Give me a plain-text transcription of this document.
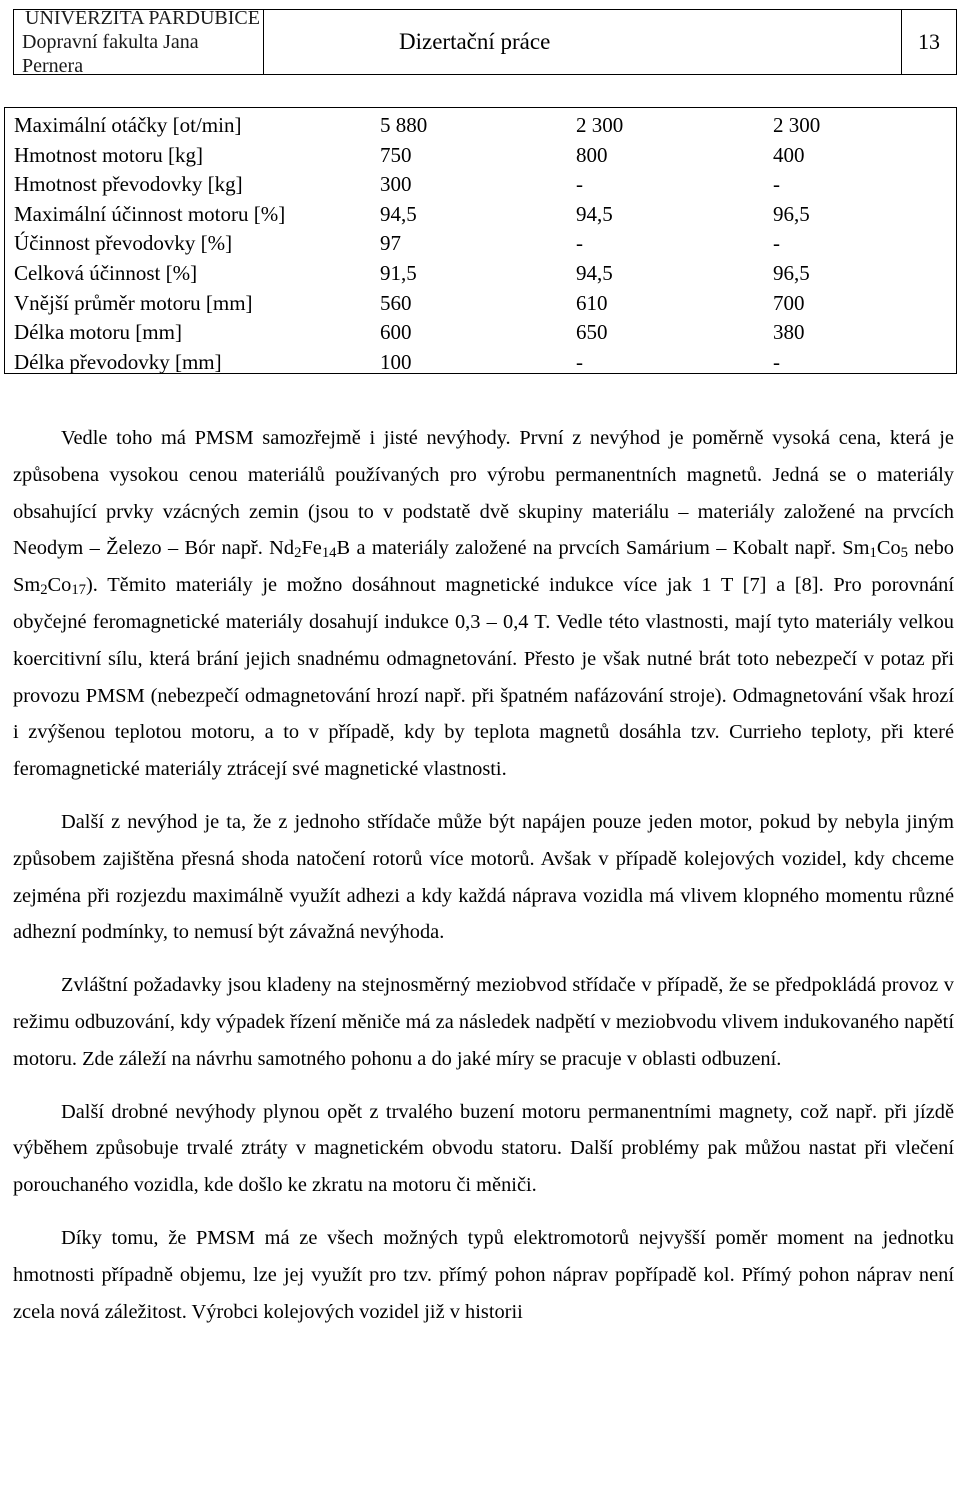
UNIVERZITA PARDUBICE
Dopravní fakulta Jana Pernera
Dizertační práce	13
Maximální otáčky [ot/min]	5 880	2 300	2 300
Hmotnost motoru [kg]	750	800	400
Hmotnost převodovky [kg]	300	-	-
Maximální účinnost motoru [%]	94,5	94,5	96,5
Účinnost převodovky [%]	97	-	-
Celková účinnost [%]	91,5	94,5	96,5
Vnější průměr motoru [mm]	560	610	700
Délka motoru [mm]	600	650	380
Délka převodovky [mm]	100	-	-

Vedle toho má PMSM samozřejmě i jisté nevýhody. První z nevýhod je poměrně vysoká cena, která je způsobena vysokou cenou materiálů používaných pro výrobu permanentních magnetů. Jedná se o materiály obsahující prvky vzácných zemin (jsou to v podstatě dvě skupiny materiálu – materiály založené na prvcích Neodym – Železo – Bór např. $Nd_2Fe_{14}B$ a materiály založené na prvcích Samárium – Kobalt např. $Sm_1Co_5$ nebo $Sm_2Co_{17}$). Těmito materiály je možno dosáhnout magnetické indukce více jak 1 T [7] a [8]. Pro porovnání obyčejné feromagnetické materiály dosahují indukce 0,3 – 0,4 T. Vedle této vlastnosti, mají tyto materiály velkou koercitivní sílu, která brání jejich snadnému odmagnetování. Přesto je však nutné brát toto nebezpečí v potaz při provozu PMSM (nebezpečí odmagnetování hrozí např. při špatném nafázování stroje). Odmagnetování však hrozí i zvýšenou teplotou motoru, a to v případě, kdy by teplota magnetů dosáhla tzv. Currieho teploty, při které feromagnetické materiály ztrácejí své magnetické vlastnosti.

Další z nevýhod je ta, že z jednoho střídače může být napájen pouze jeden motor, pokud by nebyla jiným způsobem zajištěna přesná shoda natočení rotorů více motorů. Avšak v případě kolejových vozidel, kdy chceme zejména při rozjezdu maximálně využít adhezi a kdy každá náprava vozidla má vlivem klopného momentu různé adhezní podmínky, to nemusí být závažná nevýhoda.

Zvláštní požadavky jsou kladeny na stejnosměrný meziobvod střídače v případě, že se předpokládá provoz v režimu odbuzování, kdy výpadek řízení měniče má za následek nadpětí v meziobvodu vlivem indukovaného napětí motoru. Zde záleží na návrhu samotného pohonu a do jaké míry se pracuje v oblasti odbuzení.

Další drobné nevýhody plynou opět z trvalého buzení motoru permanentními magnety, což např. při jízdě výběhem způsobuje trvalé ztráty v magnetickém obvodu statoru. Další problémy pak můžou nastat při vlečení porouchaného vozidla, kde došlo ke zkratu na motoru či měniči.

Díky tomu, že PMSM má ze všech možných typů elektromotorů nejvyšší poměr moment na jednotku hmotnosti případně objemu, lze jej využít pro tzv. přímý pohon náprav popřípadě kol. Přímý pohon náprav není zcela nová záležitost. Výrobci kolejových vozidel již v historii
